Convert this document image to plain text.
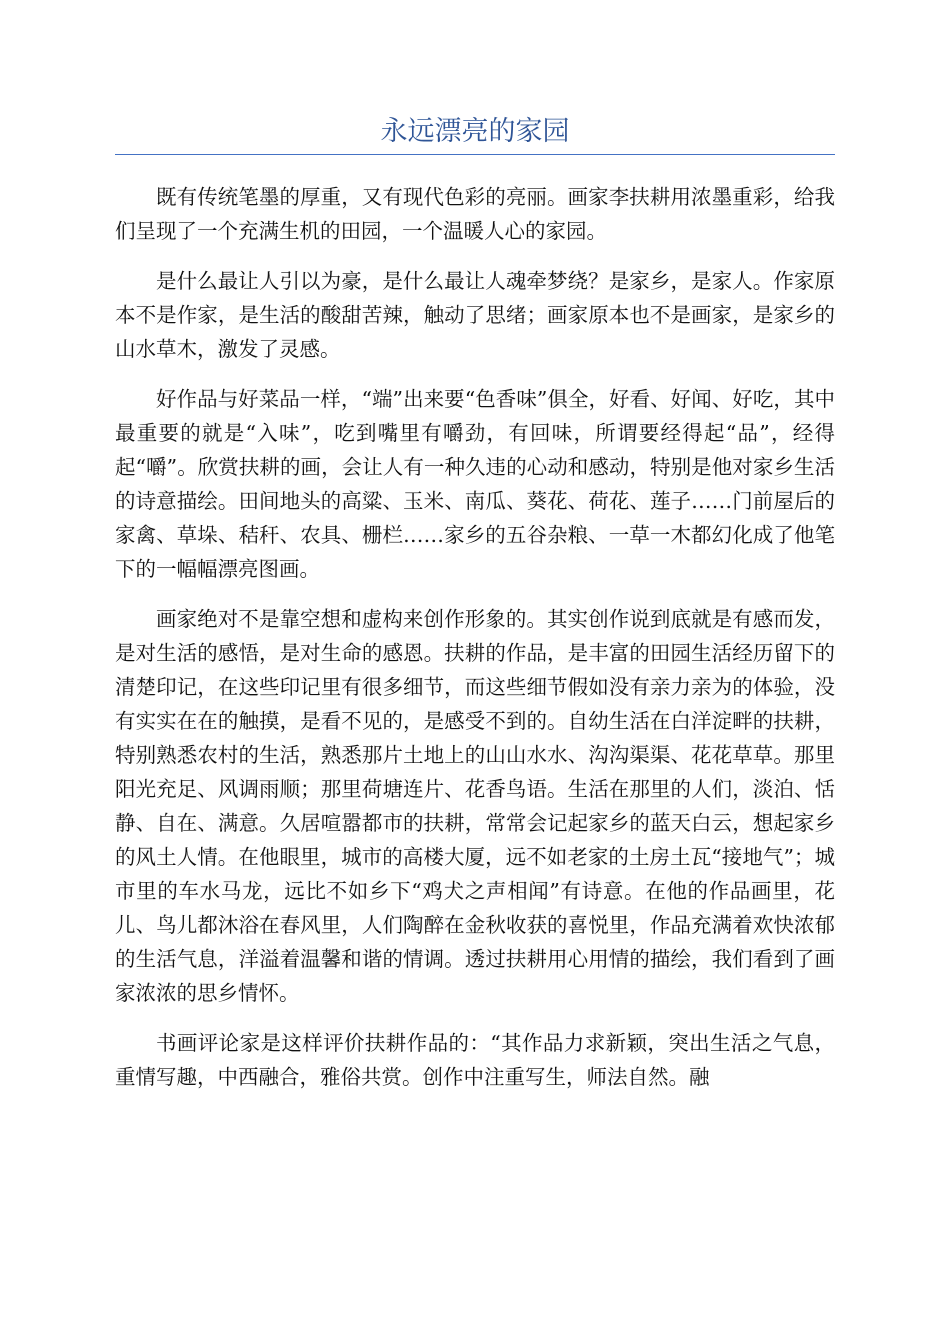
永远漂亮的家园

既有传统笔墨的厚重，又有现代色彩的亮丽。画家李扶耕用浓墨重彩，给我们呈现了一个充满生机的田园，一个温暖人心的家园。

是什么最让人引以为豪，是什么最让人魂牵梦绕？是家乡，是家人。作家原本不是作家，是生活的酸甜苦辣，触动了思绪；画家原本也不是画家，是家乡的山水草木，激发了灵感。

好作品与好菜品一样，“端”出来要“色香味”俱全，好看、好闻、好吃，其中最重要的就是“入味”，吃到嘴里有嚼劲，有回味，所谓要经得起“品”，经得起“嚼”。欣赏扶耕的画，会让人有一种久违的心动和感动，特别是他对家乡生活的诗意描绘。田间地头的高粱、玉米、南瓜、葵花、荷花、莲子……门前屋后的家禽、草垛、秸秆、农具、栅栏……家乡的五谷杂粮、一草一木都幻化成了他笔下的一幅幅漂亮图画。

画家绝对不是靠空想和虚构来创作形象的。其实创作说到底就是有感而发，是对生活的感悟，是对生命的感恩。扶耕的作品，是丰富的田园生活经历留下的清楚印记，在这些印记里有很多细节，而这些细节假如没有亲力亲为的体验，没有实实在在的触摸，是看不见的，是感受不到的。自幼生活在白洋淀畔的扶耕，特别熟悉农村的生活，熟悉那片土地上的山山水水、沟沟渠渠、花花草草。那里阳光充足、风调雨顺；那里荷塘连片、花香鸟语。生活在那里的人们，淡泊、恬静、自在、满意。久居喧嚣都市的扶耕，常常会记起家乡的蓝天白云，想起家乡的风土人情。在他眼里，城市的高楼大厦，远不如老家的土房土瓦“接地气”；城市里的车水马龙，远比不如乡下“鸡犬之声相闻”有诗意。在他的作品画里，花儿、鸟儿都沐浴在春风里，人们陶醉在金秋收获的喜悦里，作品充满着欢快浓郁的生活气息，洋溢着温馨和谐的情调。透过扶耕用心用情的描绘，我们看到了画家浓浓的思乡情怀。

书画评论家是这样评价扶耕作品的：“其作品力求新颖，突出生活之气息，重情写趣，中西融合，雅俗共赏。创作中注重写生，师法自然。融
